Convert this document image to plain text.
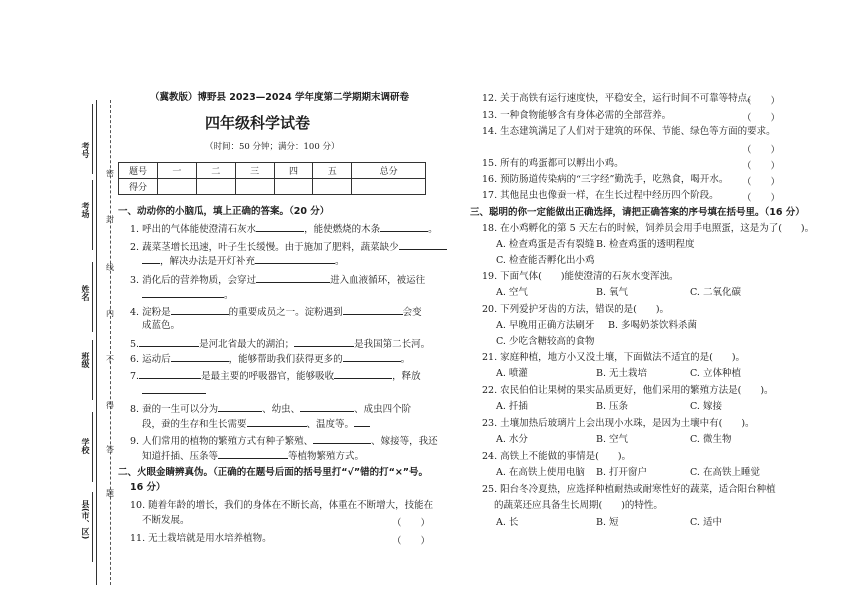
考号
考场
姓名
班级
学校
县(市、区)
密
封
线
内
不
得
答
题
（冀教版）博野县 2023—2024 学年度第二学期期末调研卷
四年级科学试卷
（时间：50 分钟；满分：100 分）
题号	一	二	三	四	五	总分
得分						
一、动动你的小脑瓜，填上正确的答案。（20 分）
1. 呼出的气体能使澄清石灰水	，能使燃烧的木条	。
2. 蔬菜茎增长迅速，叶子生长缓慢。由于施加了肥料，蔬菜缺少
，解决办法是开灯补充	。
3. 消化后的营养物质，会穿过	进入血液循环，被运往
。
4. 淀粉是	的重要成员之一。淀粉遇到	会变
成蓝色。
5.	是河北省最大的湖泊；	是我国第二长河。
6. 运动后	，能够帮助我们获得更多的	。
7.	是最主要的呼吸器官，能够吸收	，释放
8. 蚕的一生可以分为	、幼虫、	、成虫四个阶
段，蚕的生存和生长需要	、温度等。
9. 人们常用的植物的繁殖方式有种子繁殖、	、嫁接等，我还
知道扦插、压条等	等植物繁殖方式。
二、火眼金睛辨真伪。（正确的在题号后面的括号里打“√”错的打“×”号。
16 分）
10. 随着年龄的增长，我们的身体在不断长高，体重在不断增大，技能在
不断发展。	（　　）
11. 无土栽培就是用水培养植物。	（　　）
12. 关于高铁有运行速度快，平稳安全，运行时间不可靠等特点。
（　　）
13. 一种食物能够含有身体必需的全部营养。	（　　）
14. 生态建筑满足了人们对于建筑的环保、节能、绿色等方面的要求。
（　　）
15. 所有的鸡蛋都可以孵出小鸡。	（　　）
16. 预防肠道传染病的“三字经”勤洗手，吃熟食，喝开水。 （　　）
17. 其他昆虫也像蚕一样，在生长过程中经历四个阶段。 （　　）
三、聪明的你一定能做出正确选择，请把正确答案的序号填在括号里。（16 分）
18. 在小鸡孵化的第 5 天左右的时候，饲养员会用手电照蛋，这是为了(　　)。
A. 检查鸡蛋是否有裂缝 B. 检查鸡蛋的透明程度
C. 检查能否孵化出小鸡
19. 下面气体(　　)能使澄清的石灰水变浑浊。
A. 空气	B. 氧气	C. 二氧化碳
20. 下列爱护牙齿的方法，错误的是(　　)。
A. 早晚用正确方法刷牙 B. 多喝奶茶饮料杀菌
C. 少吃含糖较高的食物
21. 家庭种植，地方小又没土壤，下面做法不适宜的是(　　)。
A. 喷灌	B. 无土栽培	C. 立体种植
22. 农民伯伯让果树的果实品质更好，他们采用的繁殖方法是(　　)。
A. 扦插	B. 压条	C. 嫁接
23. 土壤加热后玻璃片上会出现小水珠，是因为土壤中有(　　)。
A. 水分	B. 空气	C. 微生物
24. 高铁上不能做的事情是(　　)。
A. 在高铁上使用电脑 B. 打开窗户	C. 在高铁上睡觉
25. 阳台冬冷夏热，应选择种植耐热或耐寒性好的蔬菜，适合阳台种植
的蔬菜还应具备生长周期(　　)的特性。
A. 长	B. 短	C. 适中
